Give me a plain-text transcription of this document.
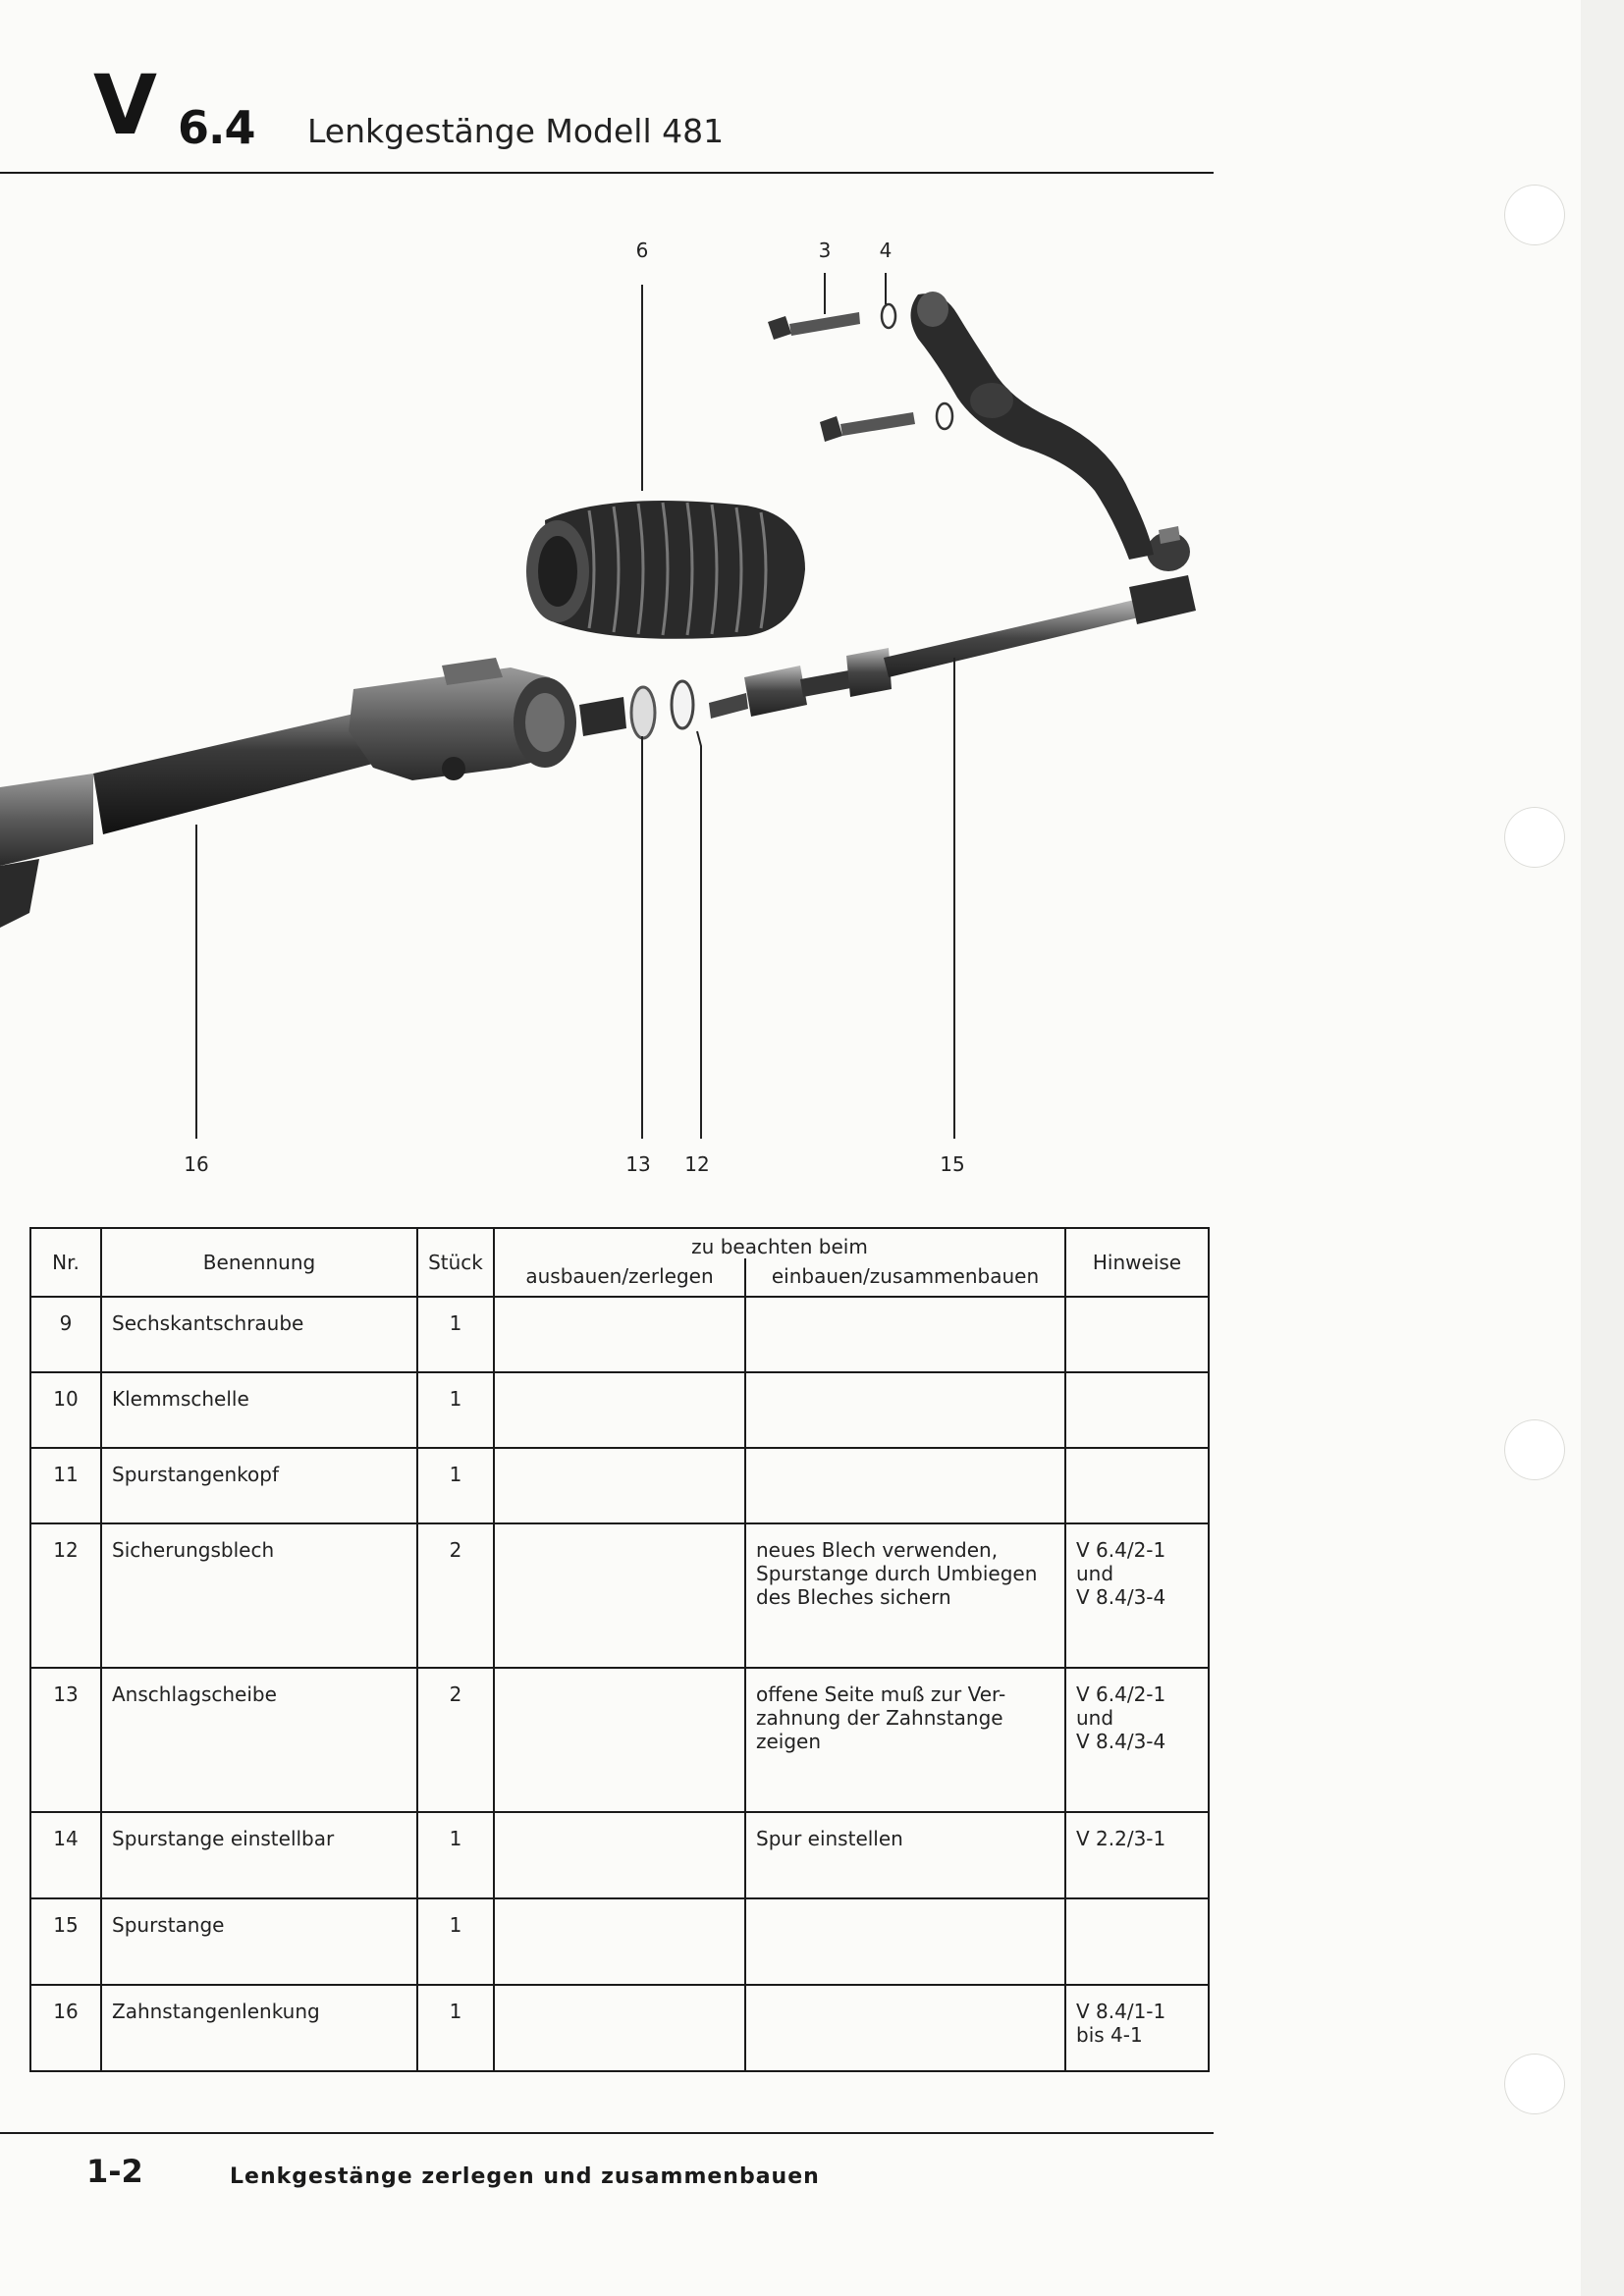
V 6.4 Lenkgestänge Modell 481
6	3 4
16	13 12	15
Nr.	Benennung	Stück	zu beachten beim		Hinweise
			ausbauen/zerlegen	einbauen/zusammenbauen	
9	Sechskantschraube	1			
10	Klemmschelle	1			
11	Spurstangenkopf	1			
12	Sicherungsblech	2		neues Blech verwenden,
Spurstange durch Umbiegen
des Bleches sichern	V 6.4/2-1
und
V 8.4/3-4
13	Anschlagscheibe	2		offene Seite muß zur Ver-
zahnung der Zahnstange
zeigen	V 6.4/2-1
und
V 8.4/3-4
14	Spurstange einstellbar	1		Spur einstellen	V 2.2/3-1
15	Spurstange	1			
16	Zahnstangenlenkung	1			V 8.4/1-1
bis 4-1
1-2	Lenkgestänge zerlegen und zusammenbauen
